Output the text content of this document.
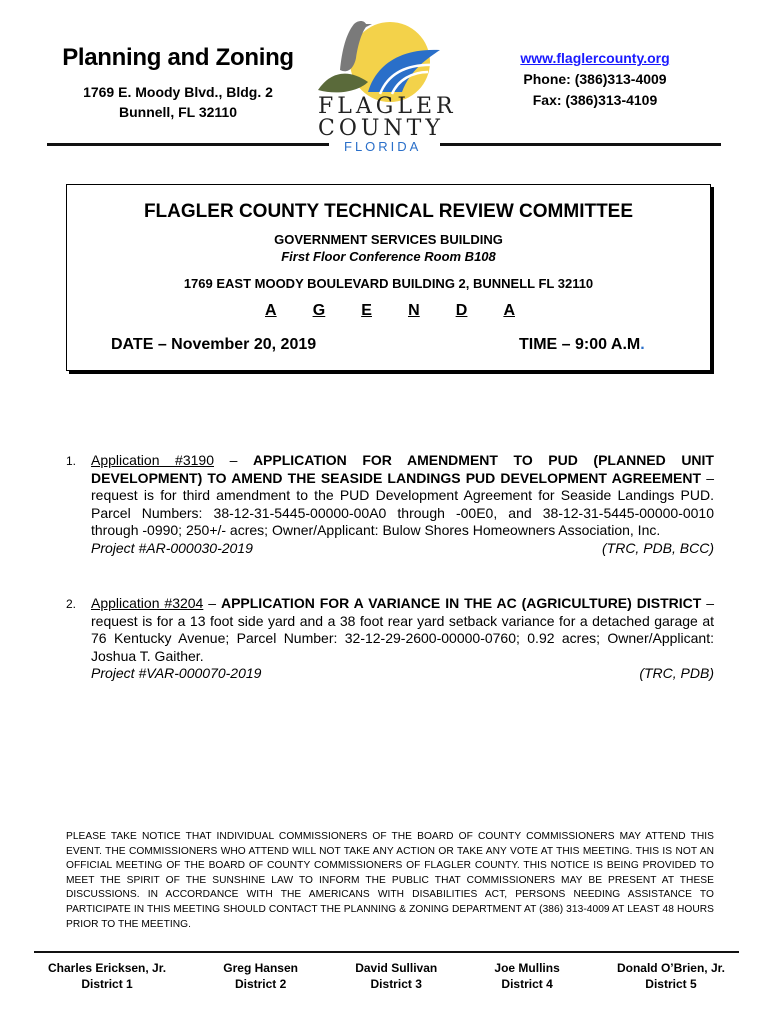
Planning and Zoning
1769 E. Moody Blvd., Bldg. 2
Bunnell, FL 32110	FLAGLER
COUNTY
FLORIDA
www.flaglercounty.org
Phone: (386)313-4009
Fax: (386)313-4109
FLAGLER COUNTY TECHNICAL REVIEW COMMITTEE
GOVERNMENT SERVICES BUILDING
First Floor Conference Room B108
1769 EAST MOODY BOULEVARD BUILDING 2, BUNNELL FL 32110
A G E N D A
DATE – November 20, 2019	TIME – 9:00 A.M.
1. Application #3190 – APPLICATION FOR AMENDMENT TO PUD (PLANNED UNIT DEVELOPMENT) TO AMEND THE SEASIDE LANDINGS PUD DEVELOPMENT AGREEMENT – request is for third amendment to the PUD Development Agreement for Seaside Landings PUD. Parcel Numbers: 38-12-31-5445-00000-00A0 through -00E0, and 38-12-31-5445-00000-0010 through -0990; 250+/- acres; Owner/Applicant: Bulow Shores Homeowners Association, Inc.
Project #AR-000030-2019	(TRC, PDB, BCC)
2. Application #3204 – APPLICATION FOR A VARIANCE IN THE AC (AGRICULTURE) DISTRICT – request is for a 13 foot side yard and a 38 foot rear yard setback variance for a detached garage at 76 Kentucky Avenue; Parcel Number: 32-12-29-2600-00000-0760; 0.92 acres; Owner/Applicant: Joshua T. Gaither.
Project #VAR-000070-2019	(TRC, PDB)
PLEASE TAKE NOTICE THAT INDIVIDUAL COMMISSIONERS OF THE BOARD OF COUNTY COMMISSIONERS MAY ATTEND THIS EVENT. THE COMMISSIONERS WHO ATTEND WILL NOT TAKE ANY ACTION OR TAKE ANY VOTE AT THIS MEETING. THIS IS NOT AN OFFICIAL MEETING OF THE BOARD OF COUNTY COMMISSIONERS OF FLAGLER COUNTY. THIS NOTICE IS BEING PROVIDED TO MEET THE SPIRIT OF THE SUNSHINE LAW TO INFORM THE PUBLIC THAT COMMISSIONERS MAY BE PRESENT AT THESE DISCUSSIONS. IN ACCORDANCE WITH THE AMERICANS WITH DISABILITIES ACT, PERSONS NEEDING ASSISTANCE TO PARTICIPATE IN THIS MEETING SHOULD CONTACT THE PLANNING & ZONING DEPARTMENT AT (386) 313-4009 AT LEAST 48 HOURS PRIOR TO THE MEETING.
Charles Ericksen, Jr.
District 1
Greg Hansen
District 2
David Sullivan
District 3
Joe Mullins
District 4
Donald O’Brien, Jr.
District 5
